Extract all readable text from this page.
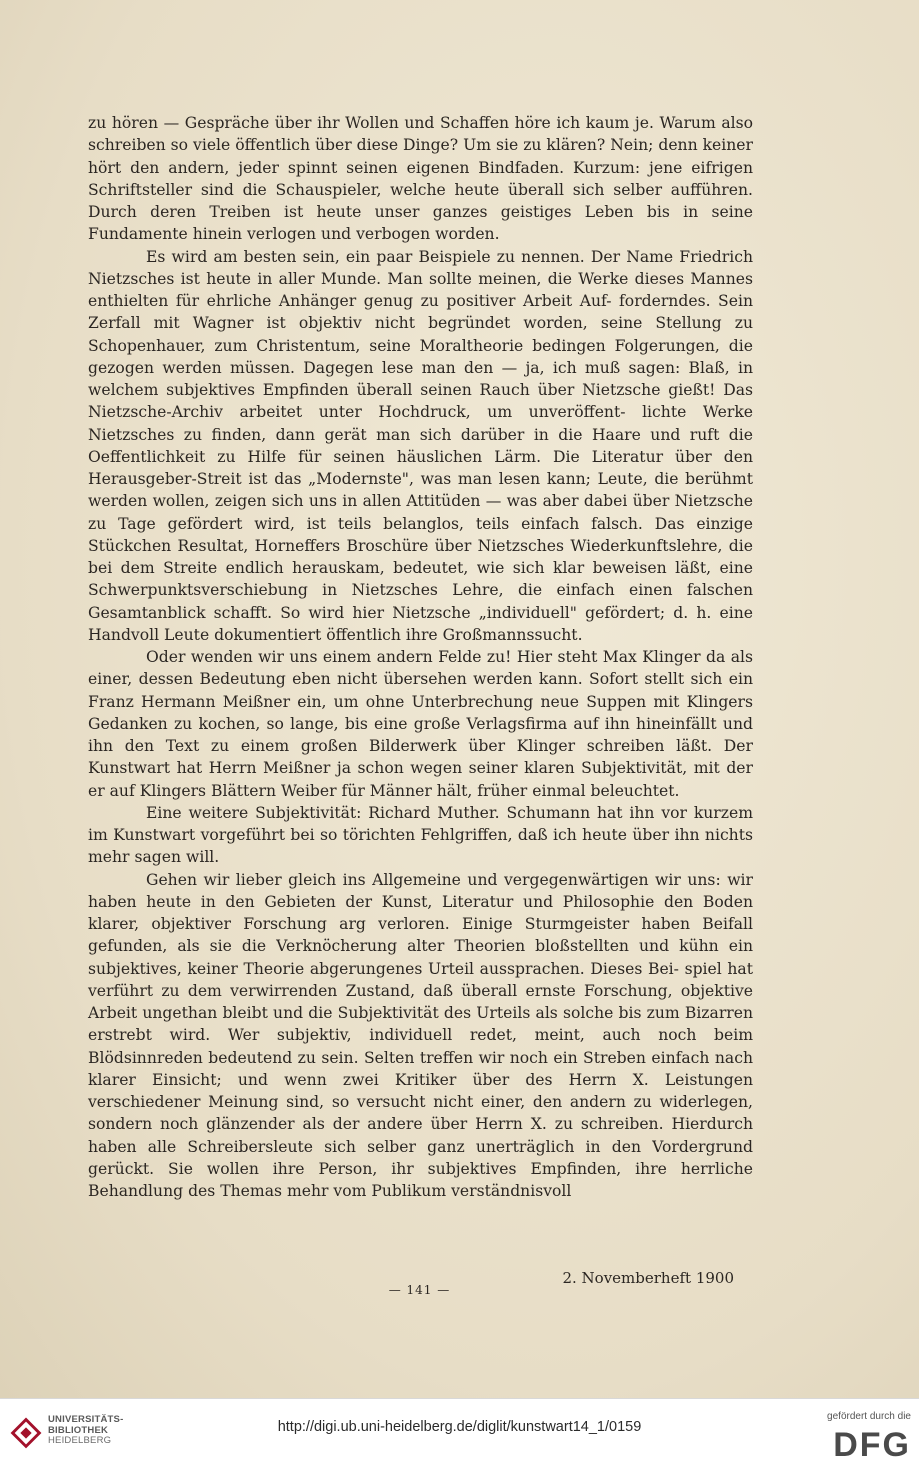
zu hören — Gespräche über ihr Wollen und Schaffen höre ich kaum je. Warum also schreiben so viele öffentlich über diese Dinge? Um sie zu klären? Nein; denn keiner hört den andern, jeder spinnt seinen eigenen Bindfaden. Kurzum: jene eifrigen Schriftsteller sind die Schauspieler, welche heute überall sich selber aufführen. Durch deren Treiben ist heute unser ganzes geistiges Leben bis in seine Fundamente hinein verlogen und verbogen worden.

Es wird am besten sein, ein paar Beispiele zu nennen. Der Name Friedrich Nietzsches ist heute in aller Munde. Man sollte meinen, die Werke dieses Mannes enthielten für ehrliche Anhänger genug zu positiver Arbeit Auf- forderndes. Sein Zerfall mit Wagner ist objektiv nicht begründet worden, seine Stellung zu Schopenhauer, zum Christentum, seine Moraltheorie bedingen Folgerungen, die gezogen werden müssen. Dagegen lese man den — ja, ich muß sagen: Blaß, in welchem subjektives Empfinden überall seinen Rauch über Nietzsche gießt! Das Nietzsche-Archiv arbeitet unter Hochdruck, um unveröffent- lichte Werke Nietzsches zu finden, dann gerät man sich darüber in die Haare und ruft die Oeffentlichkeit zu Hilfe für seinen häuslichen Lärm. Die Literatur über den Herausgeber-Streit ist das „Modernste", was man lesen kann; Leute, die berühmt werden wollen, zeigen sich uns in allen Attitüden — was aber dabei über Nietzsche zu Tage gefördert wird, ist teils belanglos, teils einfach falsch. Das einzige Stückchen Resultat, Horneffers Broschüre über Nietzsches Wiederkunftslehre, die bei dem Streite endlich herauskam, bedeutet, wie sich klar beweisen läßt, eine Schwerpunktsverschiebung in Nietzsches Lehre, die einfach einen falschen Gesamtanblick schafft. So wird hier Nietzsche „individuell" gefördert; d. h. eine Handvoll Leute dokumentiert öffentlich ihre Großmannssucht.

Oder wenden wir uns einem andern Felde zu! Hier steht Max Klinger da als einer, dessen Bedeutung eben nicht übersehen werden kann. Sofort stellt sich ein Franz Hermann Meißner ein, um ohne Unterbrechung neue Suppen mit Klingers Gedanken zu kochen, so lange, bis eine große Verlagsfirma auf ihn hineinfällt und ihn den Text zu einem großen Bilderwerk über Klinger schreiben läßt. Der Kunstwart hat Herrn Meißner ja schon wegen seiner klaren Subjektivität, mit der er auf Klingers Blättern Weiber für Männer hält, früher einmal beleuchtet.

Eine weitere Subjektivität: Richard Muther. Schumann hat ihn vor kurzem im Kunstwart vorgeführt bei so törichten Fehlgriffen, daß ich heute über ihn nichts mehr sagen will.

Gehen wir lieber gleich ins Allgemeine und vergegenwärtigen wir uns: wir haben heute in den Gebieten der Kunst, Literatur und Philosophie den Boden klarer, objektiver Forschung arg verloren. Einige Sturmgeister haben Beifall gefunden, als sie die Verknöcherung alter Theorien bloßstellten und kühn ein subjektives, keiner Theorie abgerungenes Urteil aussprachen. Dieses Bei- spiel hat verführt zu dem verwirrenden Zustand, daß überall ernste Forschung, objektive Arbeit ungethan bleibt und die Subjektivität des Urteils als solche bis zum Bizarren erstrebt wird. Wer subjektiv, individuell redet, meint, auch noch beim Blödsinnreden bedeutend zu sein. Selten treffen wir noch ein Streben einfach nach klarer Einsicht; und wenn zwei Kritiker über des Herrn X. Leistungen verschiedener Meinung sind, so versucht nicht einer, den andern zu widerlegen, sondern noch glänzender als der andere über Herrn X. zu schreiben. Hierdurch haben alle Schreibersleute sich selber ganz unerträglich in den Vordergrund gerückt. Sie wollen ihre Person, ihr subjektives Empfinden, ihre herrliche Behandlung des Themas mehr vom Publikum verständnisvoll

2. Novemberheft 1900
— 141 —
UNIVERSITÄTS-
BIBLIOTHEK
HEIDELBERG
http://digi.ub.uni-heidelberg.de/diglit/kunstwart14_1/0159
gefördert durch die
DFG
